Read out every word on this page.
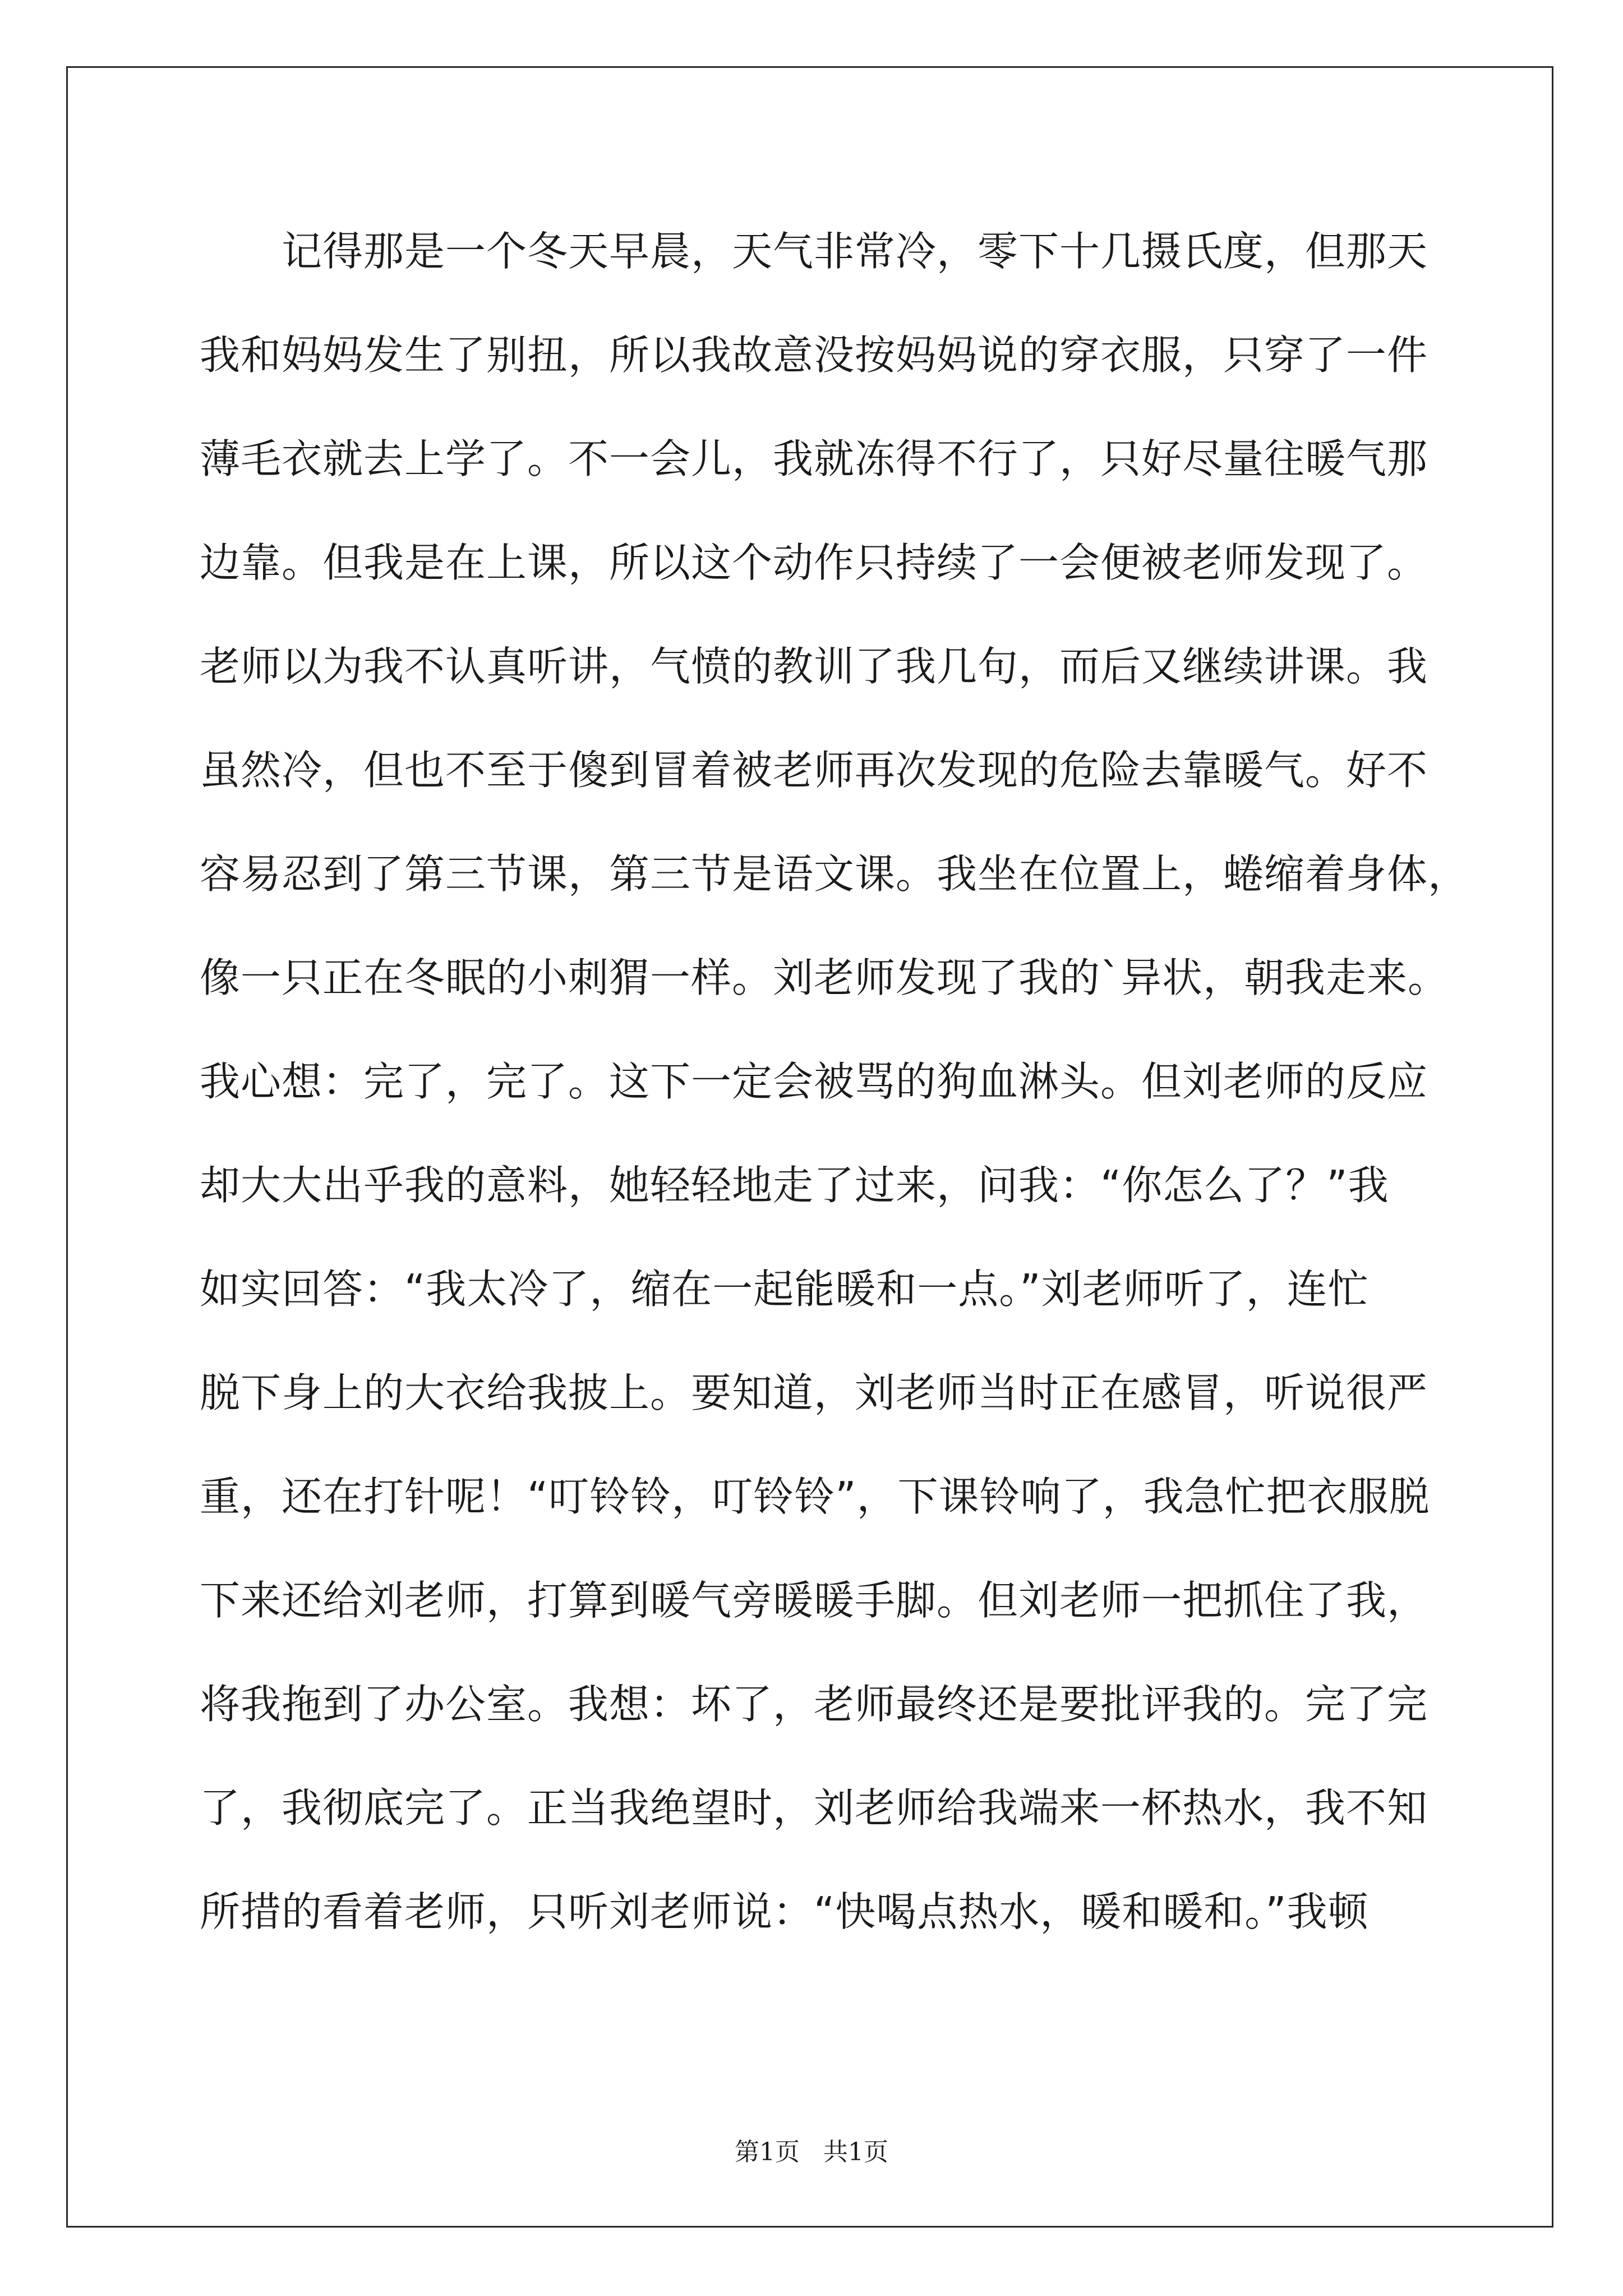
　　记得那是一个冬天早晨，天气非常冷，零下十几摄氏度，但那天
我和妈妈发生了别扭，所以我故意没按妈妈说的穿衣服，只穿了一件
薄毛衣就去上学了。不一会儿，我就冻得不行了，只好尽量往暖气那
边靠。但我是在上课，所以这个动作只持续了一会便被老师发现了。
老师以为我不认真听讲，气愤的教训了我几句，而后又继续讲课。我
虽然冷，但也不至于傻到冒着被老师再次发现的危险去靠暖气。好不
容易忍到了第三节课，第三节是语文课。我坐在位置上，蜷缩着身体，
像一只正在冬眠的小刺猬一样。刘老师发现了我的`异状，朝我走来。
我心想：完了，完了。这下一定会被骂的狗血淋头。但刘老师的反应
却大大出乎我的意料，她轻轻地走了过来，问我：“你怎么了？”我
如实回答：“我太冷了，缩在一起能暖和一点。”刘老师听了，连忙
脱下身上的大衣给我披上。要知道，刘老师当时正在感冒，听说很严
重，还在打针呢！“叮铃铃，叮铃铃”，下课铃响了，我急忙把衣服脱
下来还给刘老师，打算到暖气旁暖暖手脚。但刘老师一把抓住了我，
将我拖到了办公室。我想：坏了，老师最终还是要批评我的。完了完
了，我彻底完了。正当我绝望时，刘老师给我端来一杯热水，我不知
所措的看着老师，只听刘老师说：“快喝点热水，暖和暖和。”我顿
第1页   共1页
